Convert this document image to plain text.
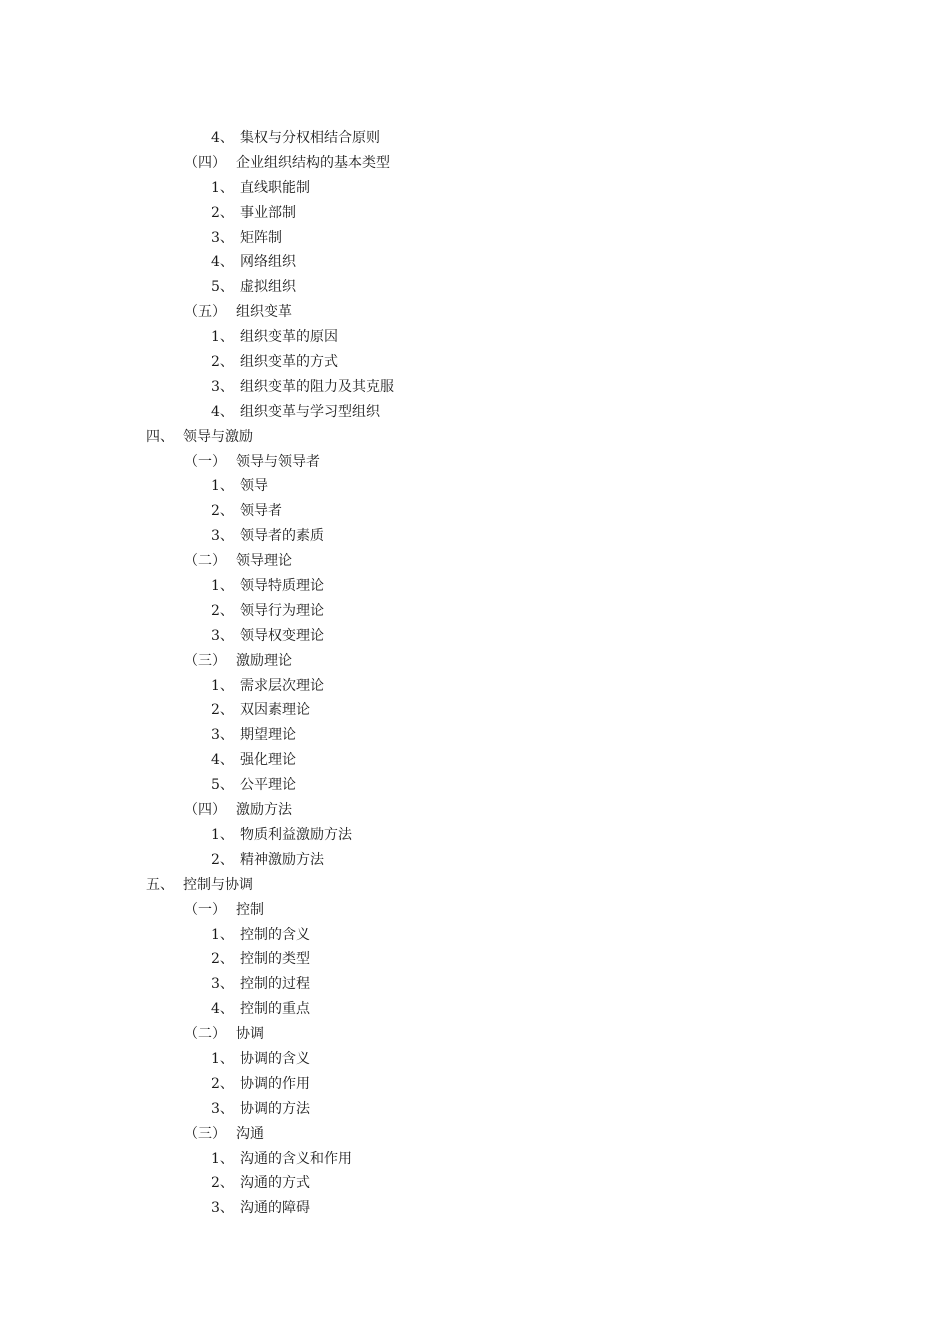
4、 集权与分权相结合原则
（四） 企业组织结构的基本类型
1、 直线职能制
2、 事业部制
3、 矩阵制
4、 网络组织
5、 虚拟组织
（五） 组织变革
1、 组织变革的原因
2、 组织变革的方式
3、 组织变革的阻力及其克服
4、 组织变革与学习型组织
四、 领导与激励
（一） 领导与领导者
1、 领导
2、 领导者
3、 领导者的素质
（二） 领导理论
1、 领导特质理论
2、 领导行为理论
3、 领导权变理论
（三） 激励理论
1、 需求层次理论
2、 双因素理论
3、 期望理论
4、 强化理论
5、 公平理论
（四） 激励方法
1、 物质利益激励方法
2、 精神激励方法
五、 控制与协调
（一） 控制
1、 控制的含义
2、 控制的类型
3、 控制的过程
4、 控制的重点
（二） 协调
1、 协调的含义
2、 协调的作用
3、 协调的方法
（三） 沟通
1、 沟通的含义和作用
2、 沟通的方式
3、 沟通的障碍
